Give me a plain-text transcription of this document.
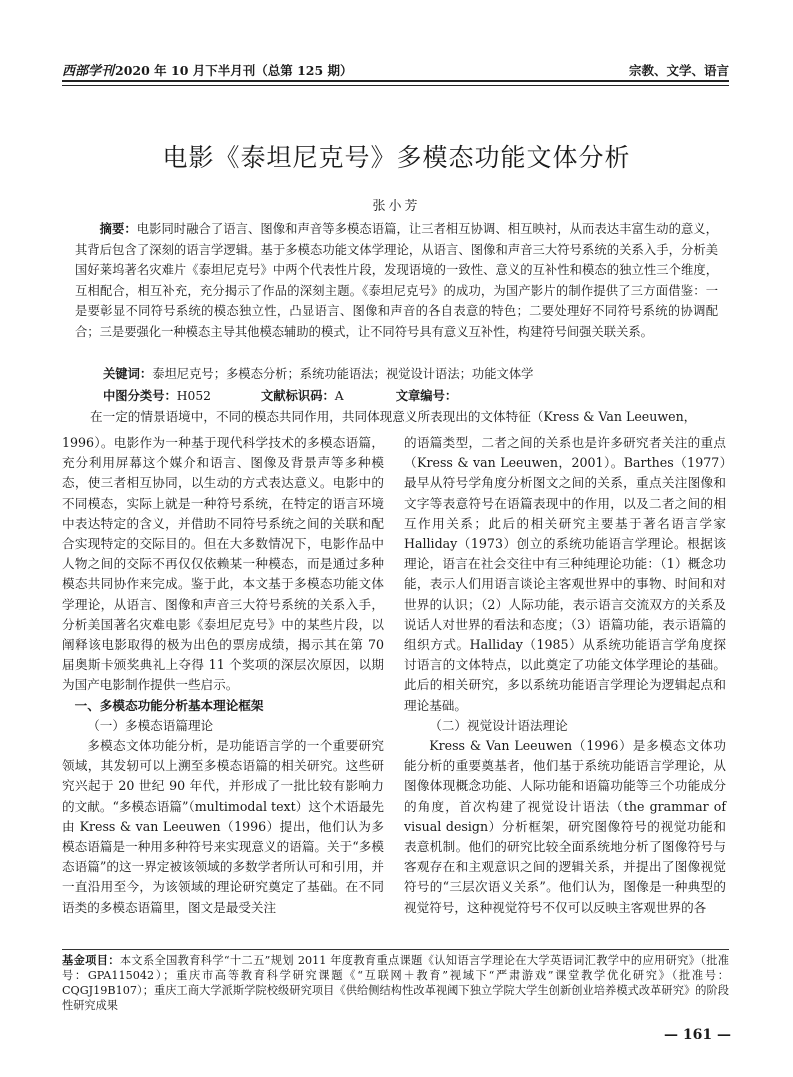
西部学刊2020 年 10 月下半月刊（总第 125 期）	宗教、文学、语言
电影《泰坦尼克号》多模态功能文体分析
张小芳
摘要：电影同时融合了语言、图像和声音等多模态语篇，让三者相互协调、相互映衬，从而表达丰富生动的意义，其背后包含了深刻的语言学逻辑。基于多模态功能文体学理论，从语言、图像和声音三大符号系统的关系入手，分析美国好莱坞著名灾难片《泰坦尼克号》中两个代表性片段，发现语境的一致性、意义的互补性和模态的独立性三个维度，互相配合，相互补充，充分揭示了作品的深刻主题。《泰坦尼克号》的成功，为国产影片的制作提供了三方面借鉴：一是要彰显不同符号系统的模态独立性，凸显语言、图像和声音的各自表意的特色；二要处理好不同符号系统的协调配合；三是要强化一种模态主导其他模态辅助的模式，让不同符号具有意义互补性，构建符号间强关联关系。
关键词：泰坦尼克号；多模态分析；系统功能语法；视觉设计语法；功能文体学
中图分类号：H052	文献标识码：A	文章编号：
在一定的情景语境中，不同的模态共同作用，共同体现意义所表现出的文体特征（Kress & Van Leeuwen，

1996）。电影作为一种基于现代科学技术的多模态语篇，充分利用屏幕这个媒介和语言、图像及背景声等多种模态，使三者相互协同，以生动的方式表达意义。电影中的不同模态，实际上就是一种符号系统，在特定的语言环境中表达特定的含义，并借助不同符号系统之间的关联和配合实现特定的交际目的。但在大多数情况下，电影作品中人物之间的交际不再仅仅依赖某一种模态，而是通过多种模态共同协作来完成。鉴于此，本文基于多模态功能文体学理论，从语言、图像和声音三大符号系统的关系入手，分析美国著名灾难电影《泰坦尼克号》中的某些片段，以阐释该电影取得的极为出色的票房成绩，揭示其在第 70 届奥斯卡颁奖典礼上夺得 11 个奖项的深层次原因，以期为国产电影制作提供一些启示。

一、多模态功能分析基本理论框架

（一）多模态语篇理论

多模态文体功能分析，是功能语言学的一个重要研究领域，其发轫可以上溯至多模态语篇的相关研究。这些研究兴起于 20 世纪 90 年代，并形成了一批比较有影响力的文献。“多模态语篇”（multimodal text）这个术语最先由 Kress & van Leeuwen（1996）提出，他们认为多模态语篇是一种用多种符号来实现意义的语篇。关于“多模态语篇”的这一界定被该领域的多数学者所认可和引用，并一直沿用至今，为该领域的理论研究奠定了基础。在不同语类的多模态语篇里，图文是最受关注

的语篇类型，二者之间的关系也是许多研究者关注的重点（Kress & van Leeuwen，2001）。Barthes（1977）最早从符号学角度分析图文之间的关系，重点关注图像和文字等表意符号在语篇表现中的作用，以及二者之间的相互作用关系；此后的相关研究主要基于著名语言学家 Halliday（1973）创立的系统功能语言学理论。根据该理论，语言在社会交往中有三种纯理论功能：（1）概念功能，表示人们用语言谈论主客观世界中的事物、时间和对世界的认识；（2）人际功能，表示语言交流双方的关系及说话人对世界的看法和态度；（3）语篇功能，表示语篇的组织方式。Halliday（1985）从系统功能语言学角度探讨语言的文体特点，以此奠定了功能文体学理论的基础。此后的相关研究，多以系统功能语言学理论为逻辑起点和理论基础。

（二）视觉设计语法理论

Kress & Van Leeuwen（1996）是多模态文体功能分析的重要奠基者，他们基于系统功能语言学理论，从图像体现概念功能、人际功能和语篇功能等三个功能成分的角度，首次构建了视觉设计语法（the grammar of visual design）分析框架，研究图像符号的视觉功能和表意机制。他们的研究比较全面系统地分析了图像符号与客观存在和主观意识之间的逻辑关系，并提出了图像视觉符号的“三层次语义关系”。他们认为，图像是一种典型的视觉符号，这种视觉符号不仅可以反映主客观世界的各

基金项目：本文系全国教育科学“十二五”规划 2011 年度教育重点课题《认知语言学理论在大学英语词汇教学中的应用研究》（批准号：GPA115042）；重庆市高等教育科学研究课题《“互联网＋教育”视域下“严肃游戏”课堂教学优化研究》（批准号：CQGJ19B107）；重庆工商大学派斯学院校级研究项目《供给侧结构性改革视阈下独立学院大学生创新创业培养模式改革研究》的阶段性研究成果
— 161 —
